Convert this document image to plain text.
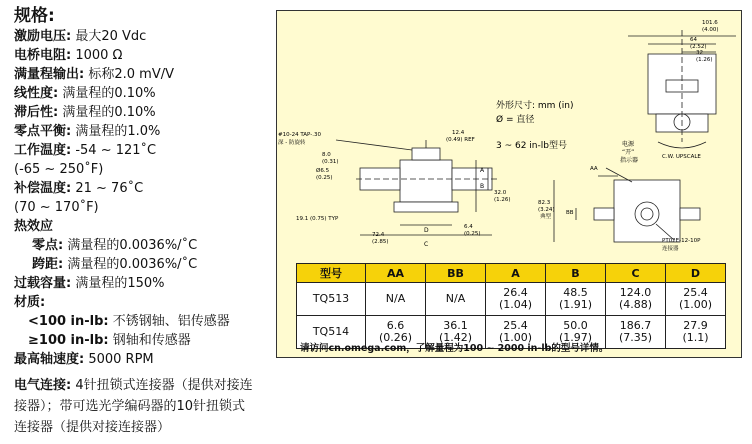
规格:
激励电压: 最大20 Vdc
电桥电阻: 1000 Ω
满量程输出: 标称2.0 mV/V
线性度: 满量程的0.10%
滞后性: 满量程的0.10%
零点平衡: 满量程的1.0%
工作温度: -54 ~ 121˚C
(-65 ~ 250˚F)
补偿温度: 21 ~ 76˚C
(70 ~ 170˚F)
热效应
零点: 满量程的0.0036%/˚C
跨距: 满量程的0.0036%/˚C
过载容量: 满量程的150%
材质:
<100 in-lb: 不锈钢轴、铝传感器
≥100 in-lb: 钢轴和传感器
最高轴速度: 5000 RPM
电气连接: 4针扭锁式连接器（提供对接连
接器）；带可选光学编码器的10针扭锁式
连接器（提供对接连接器）
外形尺寸: mm (in)
Ø = 直径
3 ~ 62 in-lb型号
#10-24 TAP-.30
深 - 防旋转
12.4
(0.49) REF
8.0
(0.31)
Ø6.5
(0.25)
32.0
(1.26)
19.1 (0.75) TYP
72.4
(2.85)
6.4
(0.25)
D
C
A
B
101.6
(4.00)
64
(2.52)
32
(1.26)
C.W. UPSCALE
电源
“开”
指示器
AA
BB
82.3
(3.24)
典型
PT02E-12-10P
连接器
型号	AA	BB	A	B	C	D
TQ513	N/A	N/A	26.4
(1.04)	48.5
(1.91)	124.0
(4.88)	25.4
(1.00)
TQ514	6.6
(0.26)	36.1
(1.42)	25.4
(1.00)	50.0
(1.97)	186.7
(7.35)	27.9
(1.1)
请访问cn.omega.com，了解量程为100 ~ 2000 in-lb的型号详情。
